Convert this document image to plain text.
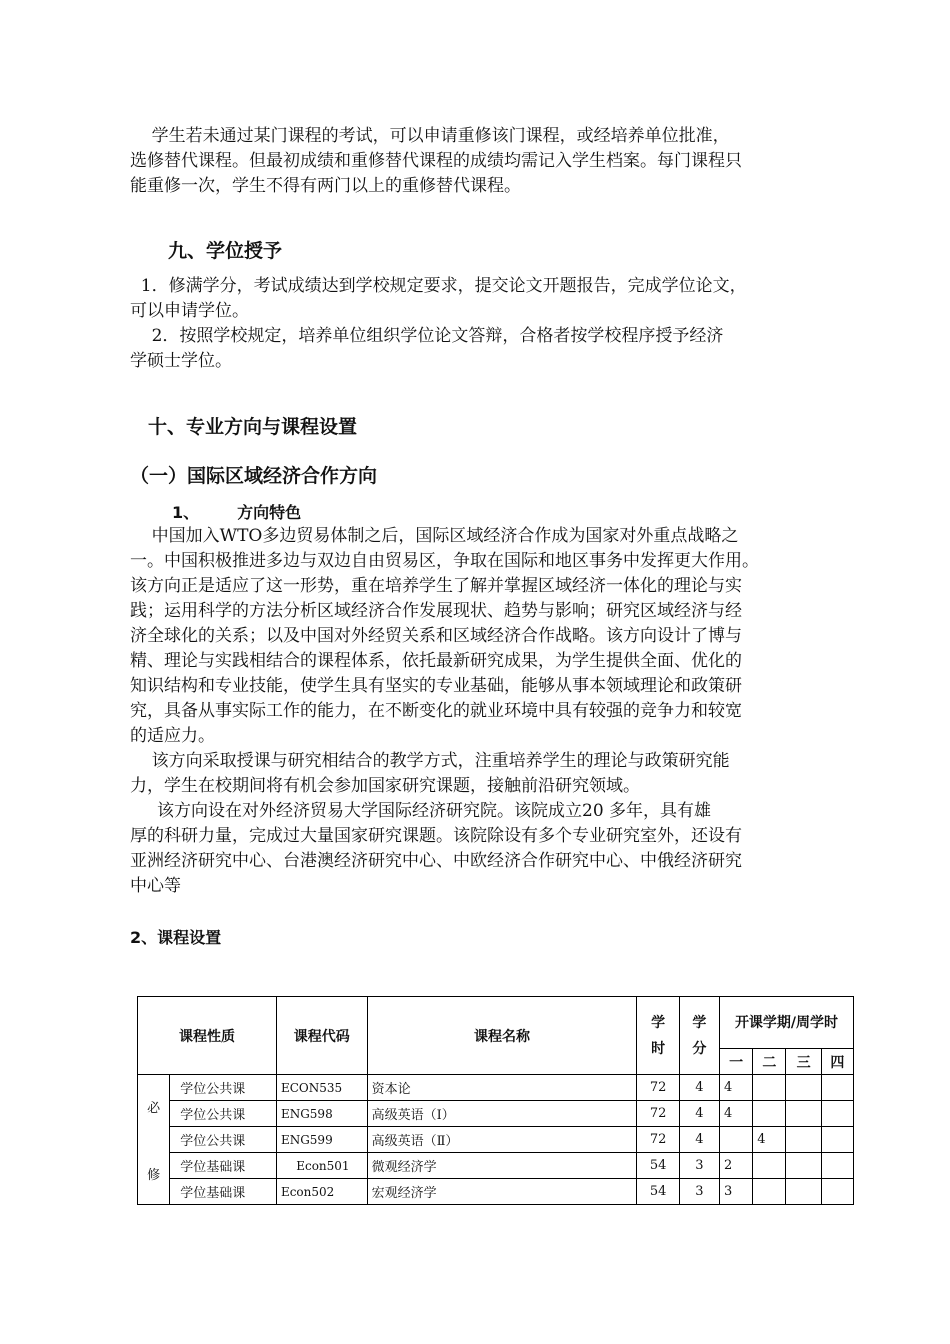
学生若未通过某门课程的考试，可以申请重修该门课程，或经培养单位批准，
选修替代课程。但最初成绩和重修替代课程的成绩均需记入学生档案。每门课程只
能重修一次，学生不得有两门以上的重修替代课程。
九、学位授予
1．修满学分，考试成绩达到学校规定要求，提交论文开题报告，完成学位论文，
可以申请学位。
2．按照学校规定，培养单位组织学位论文答辩，合格者按学校程序授予经济
学硕士学位。
十、专业方向与课程设置
（一）国际区域经济合作方向
1、 方向特色
中国加入WTO多边贸易体制之后，国际区域经济合作成为国家对外重点战略之
一。中国积极推进多边与双边自由贸易区，争取在国际和地区事务中发挥更大作用。
该方向正是适应了这一形势，重在培养学生了解并掌握区域经济一体化的理论与实
践；运用科学的方法分析区域经济合作发展现状、趋势与影响；研究区域经济与经
济全球化的关系；以及中国对外经贸关系和区域经济合作战略。该方向设计了博与
精、理论与实践相结合的课程体系，依托最新研究成果，为学生提供全面、优化的
知识结构和专业技能，使学生具有坚实的专业基础，能够从事本领域理论和政策研
究，具备从事实际工作的能力，在不断变化的就业环境中具有较强的竞争力和较宽
的适应力。
该方向采取授课与研究相结合的教学方式，注重培养学生的理论与政策研究能
力，学生在校期间将有机会参加国家研究课题，接触前沿研究领域。
该方向设在对外经济贸易大学国际经济研究院。该院成立20 多年，具有雄
厚的科研力量，完成过大量国家研究课题。该院除设有多个专业研究室外，还设有
亚洲经济研究中心、台港澳经济研究中心、中欧经济合作研究中心、中俄经济研究
中心等
2、课程设置
课程性质		课程代码	课程名称	学时	学分	开课学期/周学时			
						一	二	三	四

必
修	学位公共课	ECON535	资本论	72	4	4			
	学位公共课	ENG598	高级英语（Ⅰ）	72	4	4			
	学位公共课	ENG599	高级英语（Ⅱ）	72	4		4		
	学位基础课	Econ501	微观经济学	54	3	2			
	学位基础课	Econ502	宏观经济学	54	3	3			
